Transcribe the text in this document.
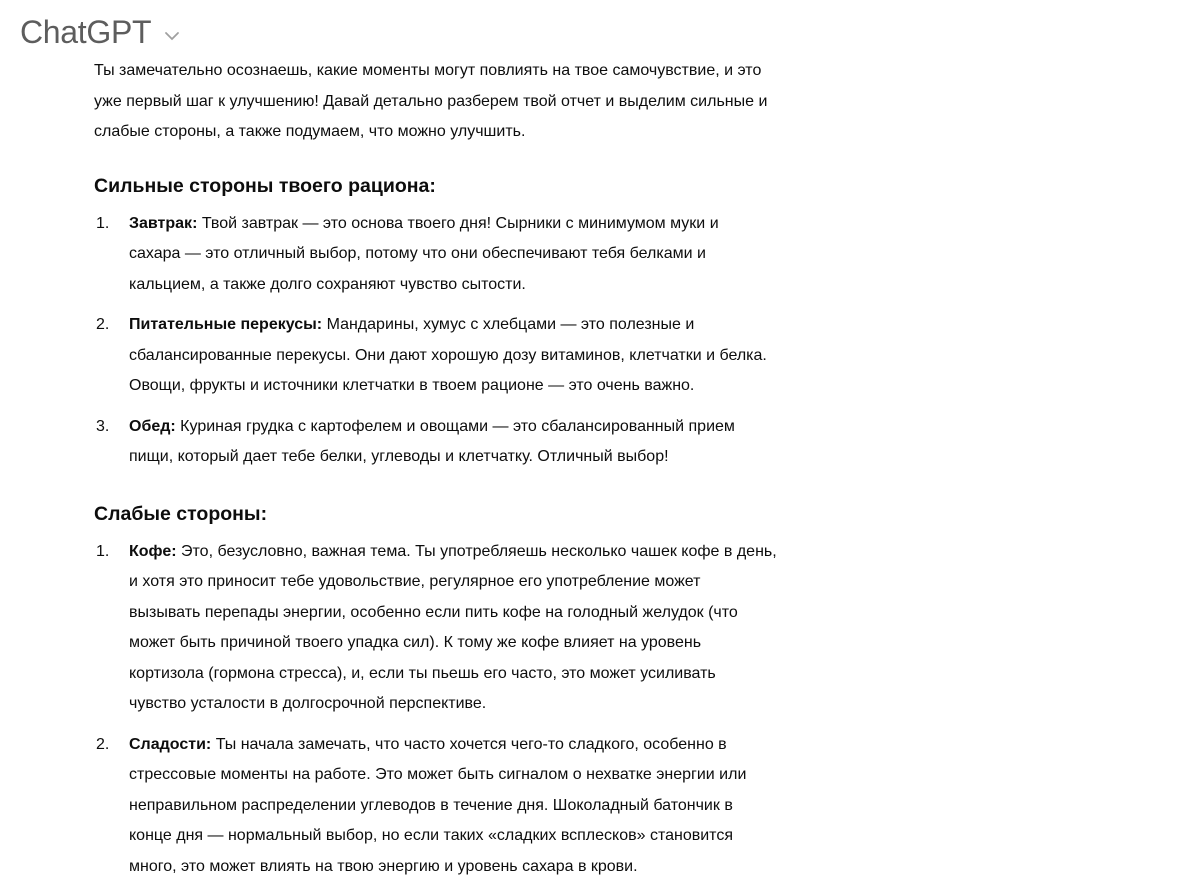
ChatGPT

Ты замечательно осознаешь, какие моменты могут повлиять на твое самочувствие, и это
уже первый шаг к улучшению! Давай детально разберем твой отчет и выделим сильные и
слабые стороны, а также подумаем, что можно улучшить.

Сильные стороны твоего рациона:
1. Завтрак: Твой завтрак — это основа твоего дня! Сырники с минимумом муки и
сахара — это отличный выбор, потому что они обеспечивают тебя белками и
кальцием, а также долго сохраняют чувство сытости.
2. Питательные перекусы: Мандарины, хумус с хлебцами — это полезные и
сбалансированные перекусы. Они дают хорошую дозу витаминов, клетчатки и белка.
Овощи, фрукты и источники клетчатки в твоем рационе — это очень важно.
3. Обед: Куриная грудка с картофелем и овощами — это сбалансированный прием
пищи, который дает тебе белки, углеводы и клетчатку. Отличный выбор!
Слабые стороны:
1. Кофе: Это, безусловно, важная тема. Ты употребляешь несколько чашек кофе в день,
и хотя это приносит тебе удовольствие, регулярное его употребление может
вызывать перепады энергии, особенно если пить кофе на голодный желудок (что
может быть причиной твоего упадка сил). К тому же кофе влияет на уровень
кортизола (гормона стресса), и, если ты пьешь его часто, это может усиливать
чувство усталости в долгосрочной перспективе.
2. Сладости: Ты начала замечать, что часто хочется чего-то сладкого, особенно в
стрессовые моменты на работе. Это может быть сигналом о нехватке энергии или
неправильном распределении углеводов в течение дня. Шоколадный батончик в
конце дня — нормальный выбор, но если таких «сладких всплесков» становится
много, это может влиять на твою энергию и уровень сахара в крови.
